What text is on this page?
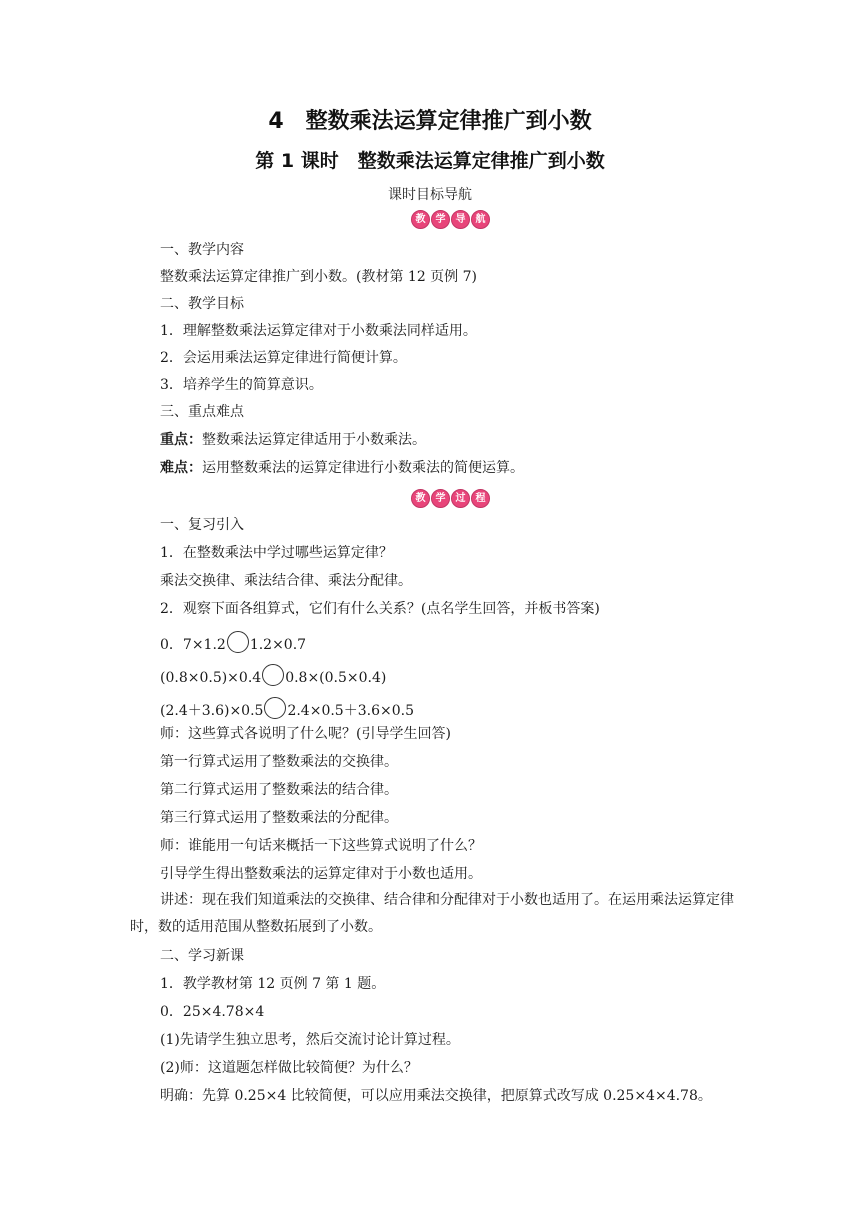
4　整数乘法运算定律推广到小数
第 1 课时　整数乘法运算定律推广到小数
课时目标导航
教	学	导	航
一、教学内容
整数乘法运算定律推广到小数。(教材第 12 页例 7)
二、教学目标
1．理解整数乘法运算定律对于小数乘法同样适用。
2．会运用乘法运算定律进行简便计算。
3．培养学生的简算意识。
三、重点难点
重点：整数乘法运算定律适用于小数乘法。
难点：运用整数乘法的运算定律进行小数乘法的简便运算。
教	学	过	程
一、复习引入
1．在整数乘法中学过哪些运算定律？
乘法交换律、乘法结合律、乘法分配律。
2．观察下面各组算式，它们有什么关系？(点名学生回答，并板书答案)
0．7×1.2 1.2×0.7
(0.8×0.5)×0.4 0.8×(0.5×0.4)
(2.4＋3.6)×0.5 2.4×0.5＋3.6×0.5
师：这些算式各说明了什么呢？(引导学生回答)
第一行算式运用了整数乘法的交换律。
第二行算式运用了整数乘法的结合律。
第三行算式运用了整数乘法的分配律。
师：谁能用一句话来概括一下这些算式说明了什么？
引导学生得出整数乘法的运算定律对于小数也适用。
讲述：现在我们知道乘法的交换律、结合律和分配律对于小数也适用了。在运用乘法运算定律时，数的适用范围从整数拓展到了小数。
二、学习新课
1．教学教材第 12 页例 7 第 1 题。
0．25×4.78×4
(1)先请学生独立思考，然后交流讨论计算过程。
(2)师：这道题怎样做比较简便？为什么？
明确：先算 0.25×4 比较简便，可以应用乘法交换律，把原算式改写成 0.25×4×4.78。
